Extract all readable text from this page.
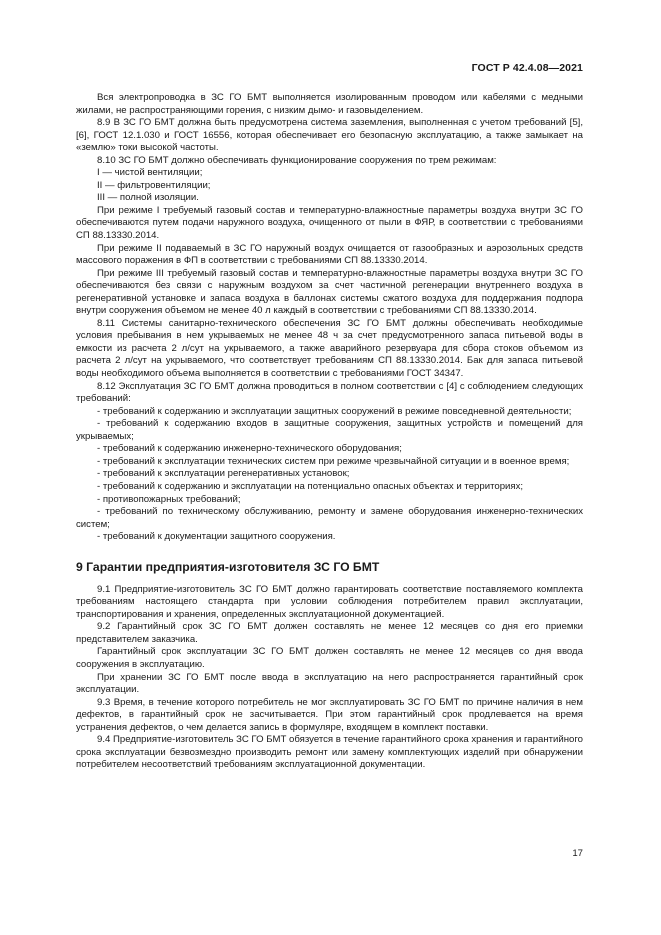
ГОСТ Р 42.4.08—2021

Вся электропроводка в ЗС ГО БМТ выполняется изолированным проводом или кабелями с медными жилами, не распространяющими горения, с низким дымо- и газовыделением.

8.9 В ЗС ГО БМТ должна быть предусмотрена система заземления, выполненная с учетом требований [5], [6], ГОСТ 12.1.030 и ГОСТ 16556, которая обеспечивает его безопасную эксплуатацию, а также замыкает на «землю» токи высокой частоты.

8.10 ЗС ГО БМТ должно обеспечивать функционирование сооружения по трем режимам:

I — чистой вентиляции;

II — фильтровентиляции;

III — полной изоляции.

При режиме I требуемый газовый состав и температурно-влажностные параметры воздуха внутри ЗС ГО обеспечиваются путем подачи наружного воздуха, очищенного от пыли в ФЯР, в соответствии с требованиями СП 88.13330.2014.

При режиме II подаваемый в ЗС ГО наружный воздух очищается от газообразных и аэрозольных средств массового поражения в ФП в соответствии с требованиями СП 88.13330.2014.

При режиме III требуемый газовый состав и температурно-влажностные параметры воздуха внутри ЗС ГО обеспечиваются без связи с наружным воздухом за счет частичной регенерации внутреннего воздуха в регенеративной установке и запаса воздуха в баллонах системы сжатого воздуха для поддержания подпора внутри сооружения объемом не менее 40 л каждый в соответствии с требованиями СП 88.13330.2014.

8.11 Системы санитарно-технического обеспечения ЗС ГО БМТ должны обеспечивать необходимые условия пребывания в нем укрываемых не менее 48 ч за счет предусмотренного запаса питьевой воды в емкости из расчета 2 л/сут на укрываемого, а также аварийного резервуара для сбора стоков объемом из расчета 2 л/сут на укрываемого, что соответствует требованиям СП 88.13330.2014. Бак для запаса питьевой воды необходимого объема выполняется в соответствии с требованиями ГОСТ 34347.

8.12 Эксплуатация ЗС ГО БМТ должна проводиться в полном соответствии с [4] с соблюдением следующих требований:

- требований к содержанию и эксплуатации защитных сооружений в режиме повседневной деятельности;

- требований к содержанию входов в защитные сооружения, защитных устройств и помещений для укрываемых;

- требований к содержанию инженерно-технического оборудования;

- требований к эксплуатации технических систем при режиме чрезвычайной ситуации и в военное время;

- требований к эксплуатации регенеративных установок;

- требований к содержанию и эксплуатации на потенциально опасных объектах и территориях;

- противопожарных требований;

- требований по техническому обслуживанию, ремонту и замене оборудования инженерно-технических систем;

- требований к документации защитного сооружения.

9 Гарантии предприятия-изготовителя ЗС ГО БМТ

9.1 Предприятие-изготовитель ЗС ГО БМТ должно гарантировать соответствие поставляемого комплекта требованиям настоящего стандарта при условии соблюдения потребителем правил эксплуатации, транспортирования и хранения, определенных эксплуатационной документацией.

9.2 Гарантийный срок ЗС ГО БМТ должен составлять не менее 12 месяцев со дня его приемки представителем заказчика.

Гарантийный срок эксплуатации ЗС ГО БМТ должен составлять не менее 12 месяцев со дня ввода сооружения в эксплуатацию.

При хранении ЗС ГО БМТ после ввода в эксплуатацию на него распространяется гарантийный срок эксплуатации.

9.3 Время, в течение которого потребитель не мог эксплуатировать ЗС ГО БМТ по причине наличия в нем дефектов, в гарантийный срок не засчитывается. При этом гарантийный срок продлевается на время устранения дефектов, о чем делается запись в формуляре, входящем в комплект поставки.

9.4 Предприятие-изготовитель ЗС ГО БМТ обязуется в течение гарантийного срока хранения и гарантийного срока эксплуатации безвозмездно производить ремонт или замену комплектующих изделий при обнаружении потребителем несоответствий требованиям эксплуатационной документации.

17
